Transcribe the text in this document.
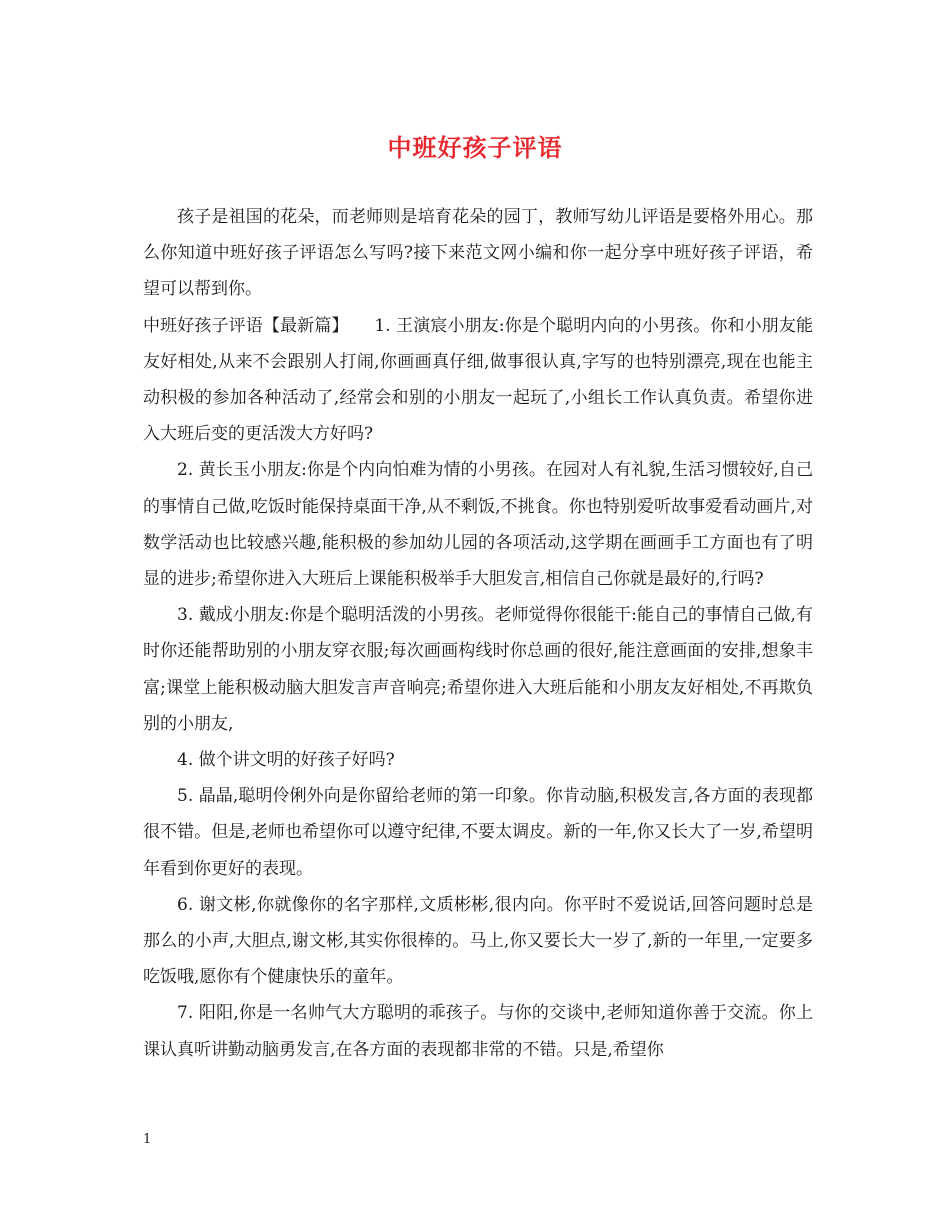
中班好孩子评语

孩子是祖国的花朵，而老师则是培育花朵的园丁，教师写幼儿评语是要格外用心。那么你知道中班好孩子评语怎么写吗?接下来范文网小编和你一起分享中班好孩子评语，希望可以帮到你。

中班好孩子评语【最新篇】　　1. 王演宸小朋友:你是个聪明内向的小男孩。你和小朋友能友好相处,从来不会跟别人打闹,你画画真仔细,做事很认真,字写的也特别漂亮,现在也能主动积极的参加各种活动了,经常会和别的小朋友一起玩了,小组长工作认真负责。希望你进入大班后变的更活泼大方好吗?

2. 黄长玉小朋友:你是个内向怕难为情的小男孩。在园对人有礼貌,生活习惯较好,自己的事情自己做,吃饭时能保持桌面干净,从不剩饭,不挑食。你也特别爱听故事爱看动画片,对数学活动也比较感兴趣,能积极的参加幼儿园的各项活动,这学期在画画手工方面也有了明显的进步;希望你进入大班后上课能积极举手大胆发言,相信自己你就是最好的,行吗?

3. 戴成小朋友:你是个聪明活泼的小男孩。老师觉得你很能干:能自己的事情自己做,有时你还能帮助别的小朋友穿衣服;每次画画构线时你总画的很好,能注意画面的安排,想象丰富;课堂上能积极动脑大胆发言声音响亮;希望你进入大班后能和小朋友友好相处,不再欺负别的小朋友,

4. 做个讲文明的好孩子好吗?

5. 晶晶,聪明伶俐外向是你留给老师的第一印象。你肯动脑,积极发言,各方面的表现都很不错。但是,老师也希望你可以遵守纪律,不要太调皮。新的一年,你又长大了一岁,希望明年看到你更好的表现。

6. 谢文彬,你就像你的名字那样,文质彬彬,很内向。你平时不爱说话,回答问题时总是那么的小声,大胆点,谢文彬,其实你很棒的。马上,你又要长大一岁了,新的一年里,一定要多吃饭哦,愿你有个健康快乐的童年。

7. 阳阳,你是一名帅气大方聪明的乖孩子。与你的交谈中,老师知道你善于交流。你上课认真听讲勤动脑勇发言,在各方面的表现都非常的不错。只是,希望你

1
